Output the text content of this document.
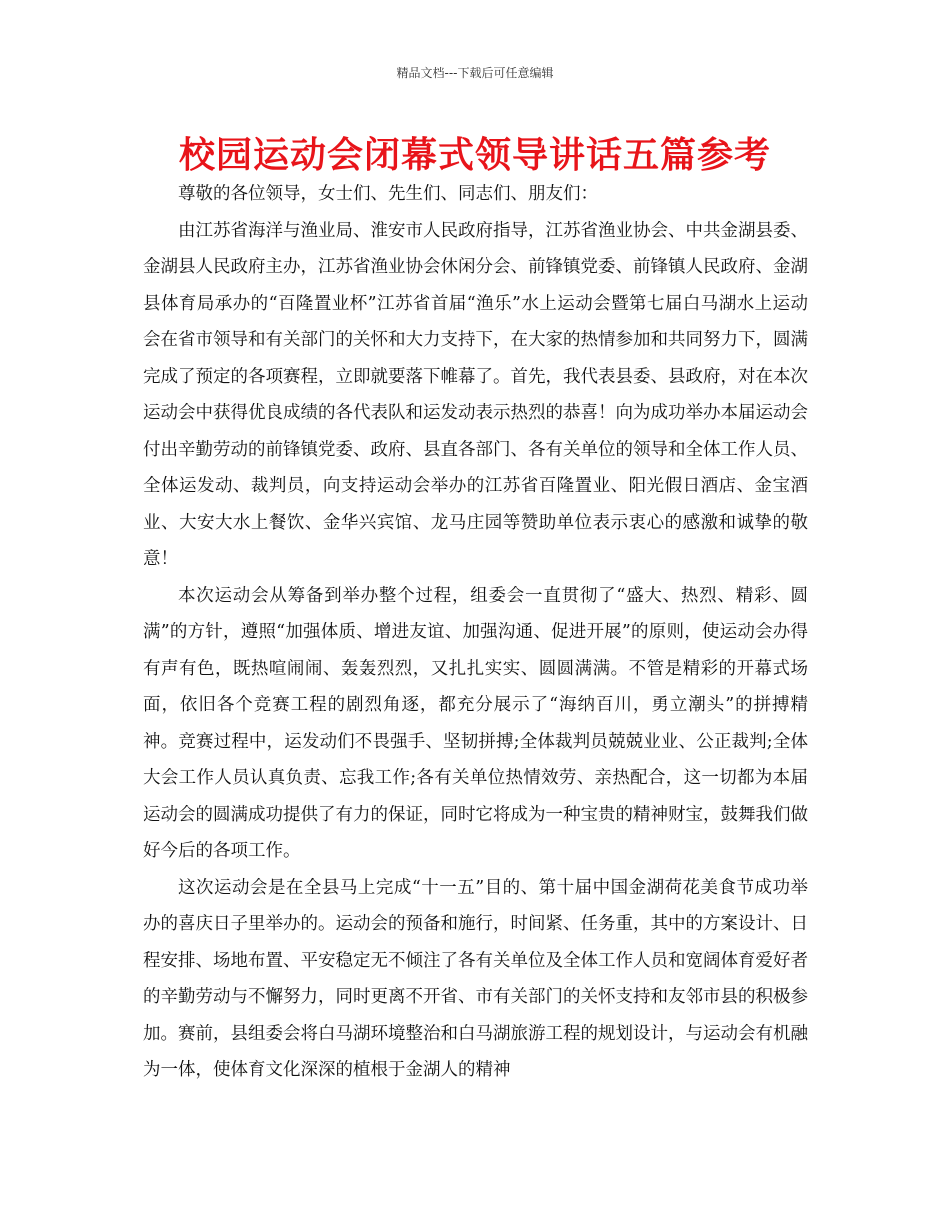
精品文档---下载后可任意编辑
校园运动会闭幕式领导讲话五篇参考

尊敬的各位领导，女士们、先生们、同志们、朋友们：

由江苏省海洋与渔业局、淮安市人民政府指导，江苏省渔业协会、中共金湖县委、金湖县人民政府主办，江苏省渔业协会休闲分会、前锋镇党委、前锋镇人民政府、金湖县体育局承办的“百隆置业杯”江苏省首届“渔乐”水上运动会暨第七届白马湖水上运动会在省市领导和有关部门的关怀和大力支持下，在大家的热情参加和共同努力下，圆满完成了预定的各项赛程，立即就要落下帷幕了。首先，我代表县委、县政府，对在本次运动会中获得优良成绩的各代表队和运发动表示热烈的恭喜！向为成功举办本届运动会付出辛勤劳动的前锋镇党委、政府、县直各部门、各有关单位的领导和全体工作人员、全体运发动、裁判员，向支持运动会举办的江苏省百隆置业、阳光假日酒店、金宝酒业、大安大水上餐饮、金华兴宾馆、龙马庄园等赞助单位表示衷心的感激和诚挚的敬意！

本次运动会从筹备到举办整个过程，组委会一直贯彻了“盛大、热烈、精彩、圆满”的方针，遵照“加强体质、增进友谊、加强沟通、促进开展”的原则，使运动会办得有声有色，既热喧闹闹、轰轰烈烈，又扎扎实实、圆圆满满。不管是精彩的开幕式场面，依旧各个竞赛工程的剧烈角逐，都充分展示了“海纳百川，勇立潮头”的拼搏精神。竞赛过程中，运发动们不畏强手、坚韧拼搏;全体裁判员兢兢业业、公正裁判;全体大会工作人员认真负责、忘我工作;各有关单位热情效劳、亲热配合，这一切都为本届运动会的圆满成功提供了有力的保证，同时它将成为一种宝贵的精神财宝，鼓舞我们做好今后的各项工作。

这次运动会是在全县马上完成“十一五”目的、第十届中国金湖荷花美食节成功举办的喜庆日子里举办的。运动会的预备和施行，时间紧、任务重，其中的方案设计、日程安排、场地布置、平安稳定无不倾注了各有关单位及全体工作人员和宽阔体育爱好者的辛勤劳动与不懈努力，同时更离不开省、市有关部门的关怀支持和友邻市县的积极参加。赛前，县组委会将白马湖环境整治和白马湖旅游工程的规划设计，与运动会有机融为一体，使体育文化深深的植根于金湖人的精神
